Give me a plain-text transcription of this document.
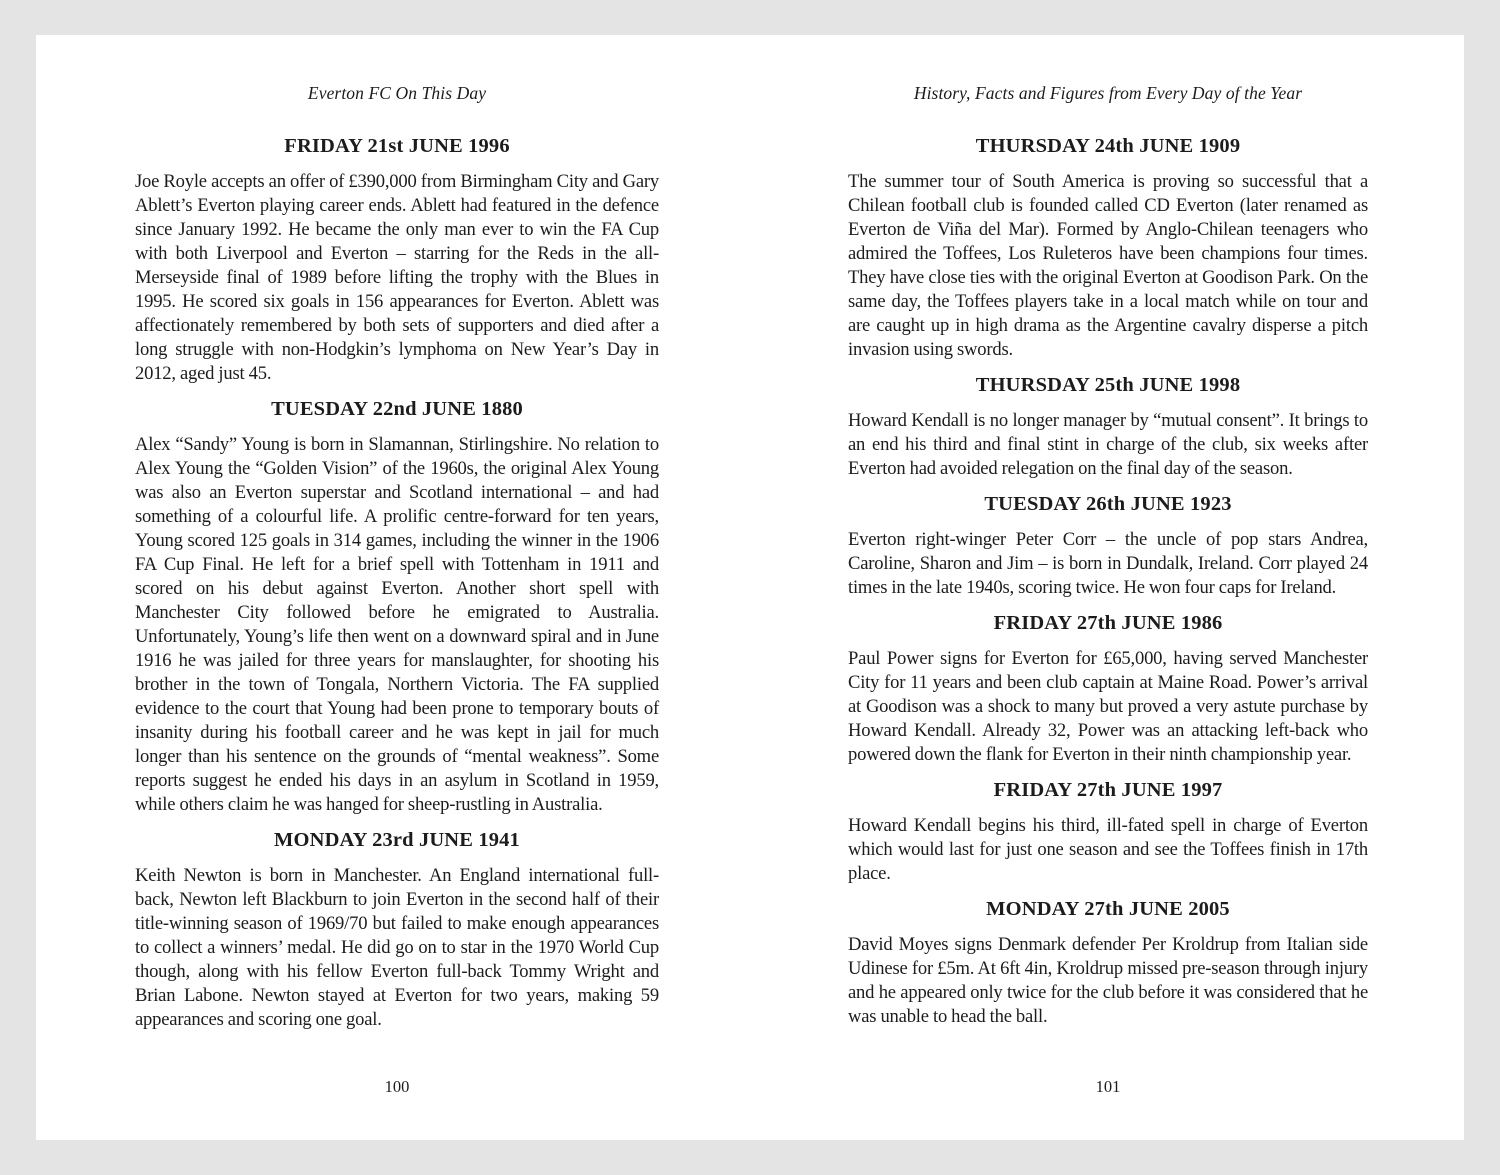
Everton FC On This Day
FRIDAY 21st JUNE 1996

Joe Royle accepts an offer of £390,000 from Birmingham City and Gary Ablett’s Everton playing career ends. Ablett had featured in the defence since January 1992. He became the only man ever to win the FA Cup with both Liverpool and Everton – starring for the Reds in the all-Merseyside final of 1989 before lifting the trophy with the Blues in 1995. He scored six goals in 156 appearances for Everton. Ablett was affectionately remembered by both sets of supporters and died after a long struggle with non-Hodgkin’s lymphoma on New Year’s Day in 2012, aged just 45.

TUESDAY 22nd JUNE 1880

Alex “Sandy” Young is born in Slamannan, Stirlingshire. No relation to Alex Young the “Golden Vision” of the 1960s, the original Alex Young was also an Everton superstar and Scotland international – and had something of a colourful life. A prolific centre-forward for ten years, Young scored 125 goals in 314 games, including the winner in the 1906 FA Cup Final. He left for a brief spell with Tottenham in 1911 and scored on his debut against Everton. Another short spell with Manchester City followed before he emigrated to Australia. Unfortunately, Young’s life then went on a downward spiral and in June 1916 he was jailed for three years for manslaughter, for shooting his brother in the town of Tongala, Northern Victoria. The FA supplied evidence to the court that Young had been prone to temporary bouts of insanity during his football career and he was kept in jail for much longer than his sentence on the grounds of “mental weakness”. Some reports suggest he ended his days in an asylum in Scotland in 1959, while others claim he was hanged for sheep-rustling in Australia.

MONDAY 23rd JUNE 1941

Keith Newton is born in Manchester. An England international full-back, Newton left Blackburn to join Everton in the second half of their title-winning season of 1969/70 but failed to make enough appearances to collect a winners’ medal. He did go on to star in the 1970 World Cup though, along with his fellow Everton full-back Tommy Wright and Brian Labone. Newton stayed at Everton for two years, making 59 appearances and scoring one goal.

100
History, Facts and Figures from Every Day of the Year
THURSDAY 24th JUNE 1909

The summer tour of South America is proving so successful that a Chilean football club is founded called CD Everton (later renamed as Everton de Viña del Mar). Formed by Anglo-Chilean teenagers who admired the Toffees, Los Ruleteros have been champions four times. They have close ties with the original Everton at Goodison Park. On the same day, the Toffees players take in a local match while on tour and are caught up in high drama as the Argentine cavalry disperse a pitch invasion using swords.

THURSDAY 25th JUNE 1998

Howard Kendall is no longer manager by “mutual consent”. It brings to an end his third and final stint in charge of the club, six weeks after Everton had avoided relegation on the final day of the season.

TUESDAY 26th JUNE 1923

Everton right-winger Peter Corr – the uncle of pop stars Andrea, Caroline, Sharon and Jim – is born in Dundalk, Ireland. Corr played 24 times in the late 1940s, scoring twice. He won four caps for Ireland.

FRIDAY 27th JUNE 1986

Paul Power signs for Everton for £65,000, having served Manchester City for 11 years and been club captain at Maine Road. Power’s arrival at Goodison was a shock to many but proved a very astute purchase by Howard Kendall. Already 32, Power was an attacking left-back who powered down the flank for Everton in their ninth championship year.

FRIDAY 27th JUNE 1997

Howard Kendall begins his third, ill-fated spell in charge of Everton which would last for just one season and see the Toffees finish in 17th place.

MONDAY 27th JUNE 2005

David Moyes signs Denmark defender Per Kroldrup from Italian side Udinese for £5m. At 6ft 4in, Kroldrup missed pre-season through injury and he appeared only twice for the club before it was considered that he was unable to head the ball.

101
